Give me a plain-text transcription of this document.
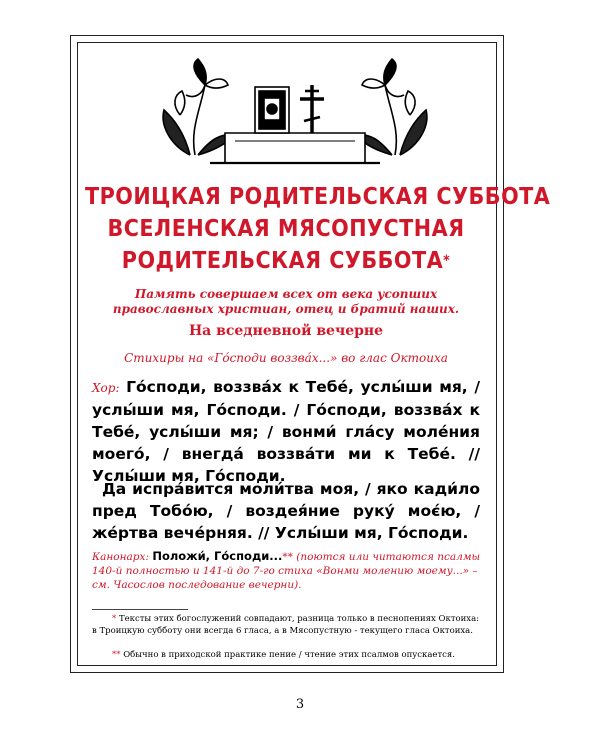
ТРОИЦКАЯ РОДИТЕЛЬСКАЯ СУББОТА
ВСЕЛЕНСКАЯ МЯСОПУСТНАЯ
РОДИТЕЛЬСКАЯ СУББОТА*
Память совершаем всех от века усопших
православных христиан, отец и братий наших.
На вседневной вечерне
Стихиры на «Го́споди воззва́х...» во глас Октоиха
Хор: Го́споди, воззва́х к Тебе́, услы́ши мя, / услы́ши мя, Го́споди. / Го́споди, воззва́х к Тебе́, услы́ши мя; / вонми́ гла́су моле́ния моего́, / внегда́ воззва́ти ми к Тебе́. // Услы́ши мя, Го́споди.
Да испра́вится моли́тва моя, / яко кади́ло пред Тобо́ю, / воздея́ние руку́ моє́ю, / же́ртва вече́рняя. // Услы́ши мя, Го́споди.
Канонарх: Положи́, Го́споди...** (поются или читаются псалмы 140-й полностью и 141-й до 7-го стиха «Вонми молению моему...» – см. Часослов последование вечерни).
* Тексты этих богослужений совпадают, разница только в песнопениях Октоиха: в Троицкую субботу они всегда 6 гласа, а в Мясопустную - текущего гласа Октоиха.
** Обычно в приходской практике пение / чтение этих псалмов опускается.
3
